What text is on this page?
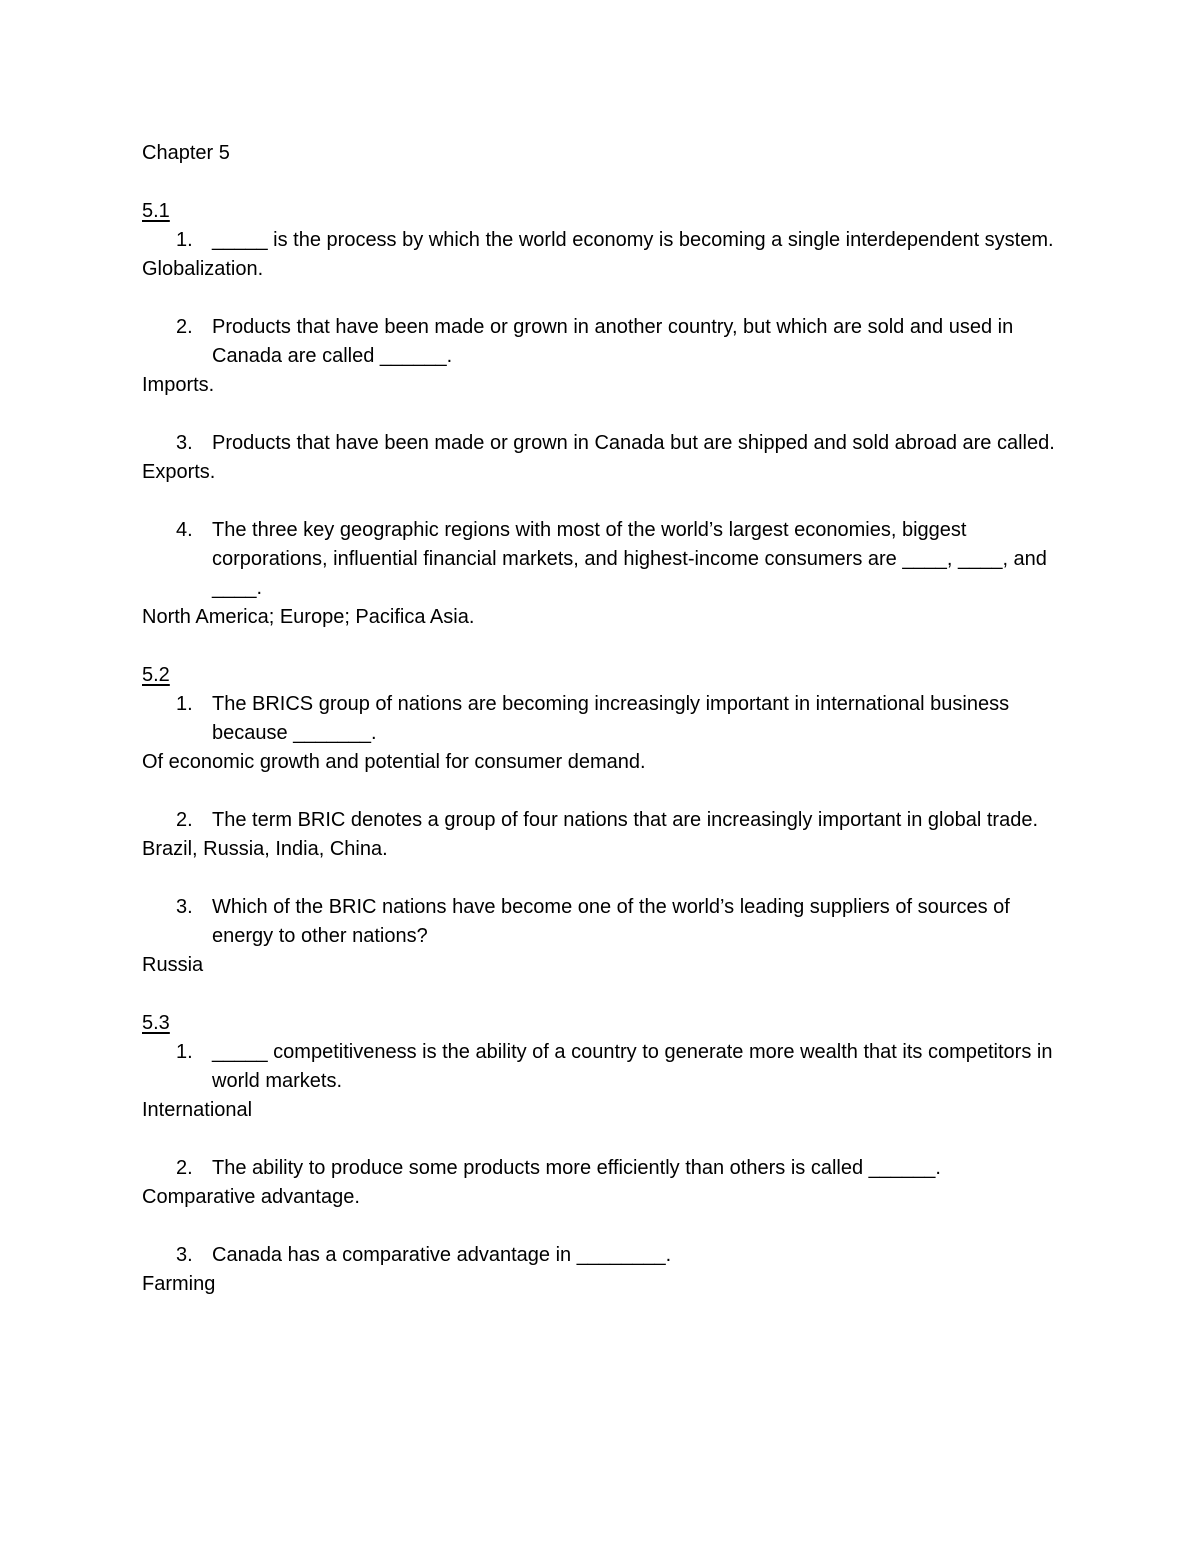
Chapter 5
5.1
1. _____ is the process by which the world economy is becoming a single interdependent system.
Globalization.
2. Products that have been made or grown in another country, but which are sold and used in Canada are called ______.
Imports.
3. Products that have been made or grown in Canada but are shipped and sold abroad are called.
Exports.
4. The three key geographic regions with most of the world’s largest economies, biggest corporations, influential financial markets, and highest-income consumers are ____, ____, and ____.
North America; Europe; Pacifica Asia.
5.2
1. The BRICS group of nations are becoming increasingly important in international business because _______.
Of economic growth and potential for consumer demand.
2. The term BRIC denotes a group of four nations that are increasingly important in global trade.
Brazil, Russia, India, China.
3. Which of the BRIC nations have become one of the world’s leading suppliers of sources of energy to other nations?
Russia
5.3
1. _____ competitiveness is the ability of a country to generate more wealth that its competitors in world markets.
International
2. The ability to produce some products more efficiently than others is called ______.
Comparative advantage.
3. Canada has a comparative advantage in ________.
Farming
